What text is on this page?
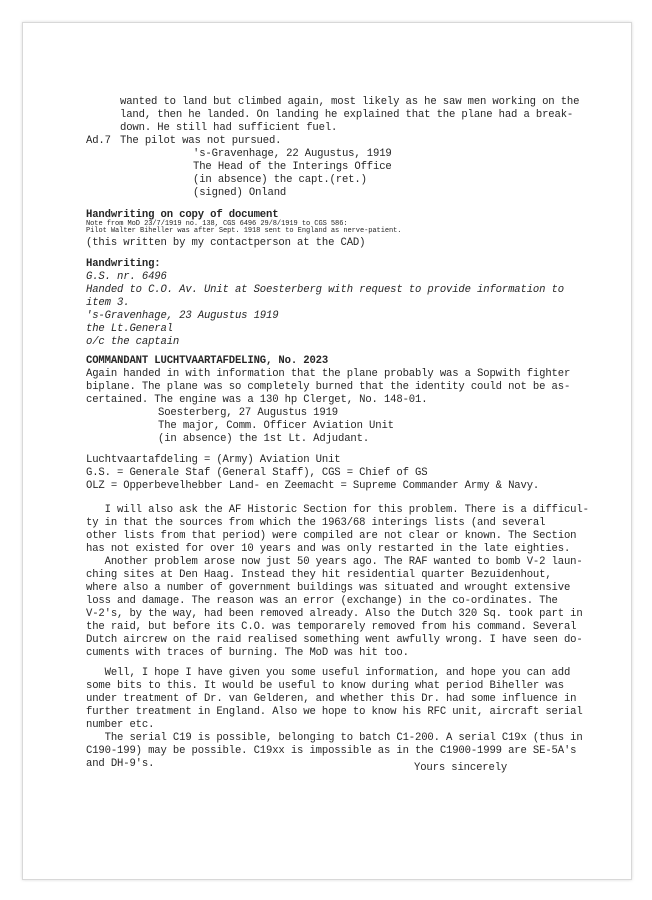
wanted to land but climbed again, most likely as he saw men working on the
land, then he landed. On landing he explained that the plane had a break-
down. He still had sufficient fuel.
Ad.7 The pilot was not pursued.
's-Gravenhage, 22 Augustus, 1919
The Head of the Interings Office
(in absence) the capt.(ret.)
(signed) Onland
Handwriting on copy of document
Note from MoD 23/7/1919 no. 138, CGS 6496 29/8/1919 to CGS 586:
Pilot Walter Biheller was after Sept. 1918 sent to England as nerve-patient.
(this written by my contactperson at the CAD)
Handwriting:
G.S. nr. 6496
Handed to C.O. Av. Unit at Soesterberg with request to provide information to
item 3.
's-Gravenhage, 23 Augustus 1919
the Lt.General
o/c the captain
COMMANDANT LUCHTVAARTAFDELING, No. 2023
Again handed in with information that the plane probably was a Sopwith fighter
biplane. The plane was so completely burned that the identity could not be as-
certained. The engine was a 130 hp Clerget, No. 148-01.
Soesterberg, 27 Augustus 1919
The major, Comm. Officer Aviation Unit
(in absence) the 1st Lt. Adjudant.
Luchtvaartafdeling = (Army) Aviation Unit
G.S. = Generale Staf (General Staff), CGS = Chief of GS
OLZ = Opperbevelhebber Land- en Zeemacht = Supreme Commander Army & Navy.
I will also ask the AF Historic Section for this problem. There is a difficul-
ty in that the sources from which the 1963/68 interings lists (and several
other lists from that period) were compiled are not clear or known. The Section
has not existed for over 10 years and was only restarted in the late eighties.
Another problem arose now just 50 years ago. The RAF wanted to bomb V-2 laun-
ching sites at Den Haag. Instead they hit residential quarter Bezuidenhout,
where also a number of government buildings was situated and wrought extensive
loss and damage. The reason was an error (exchange) in the co-ordinates. The
V-2's, by the way, had been removed already. Also the Dutch 320 Sq. took part in
the raid, but before its C.O. was temporarely removed from his command. Several
Dutch aircrew on the raid realised something went awfully wrong. I have seen do-
cuments with traces of burning. The MoD was hit too.
Well, I hope I have given you some useful information, and hope you can add
some bits to this. It would be useful to know during what period Biheller was
under treatment of Dr. van Gelderen, and whether this Dr. had some influence in
further treatment in England. Also we hope to know his RFC unit, aircraft serial
number etc.
The serial C19 is possible, belonging to batch C1-200. A serial C19x (thus in
C190-199) may be possible. C19xx is impossible as in the C1900-1999 are SE-5A's
and DH-9's.	Yours sincerely
